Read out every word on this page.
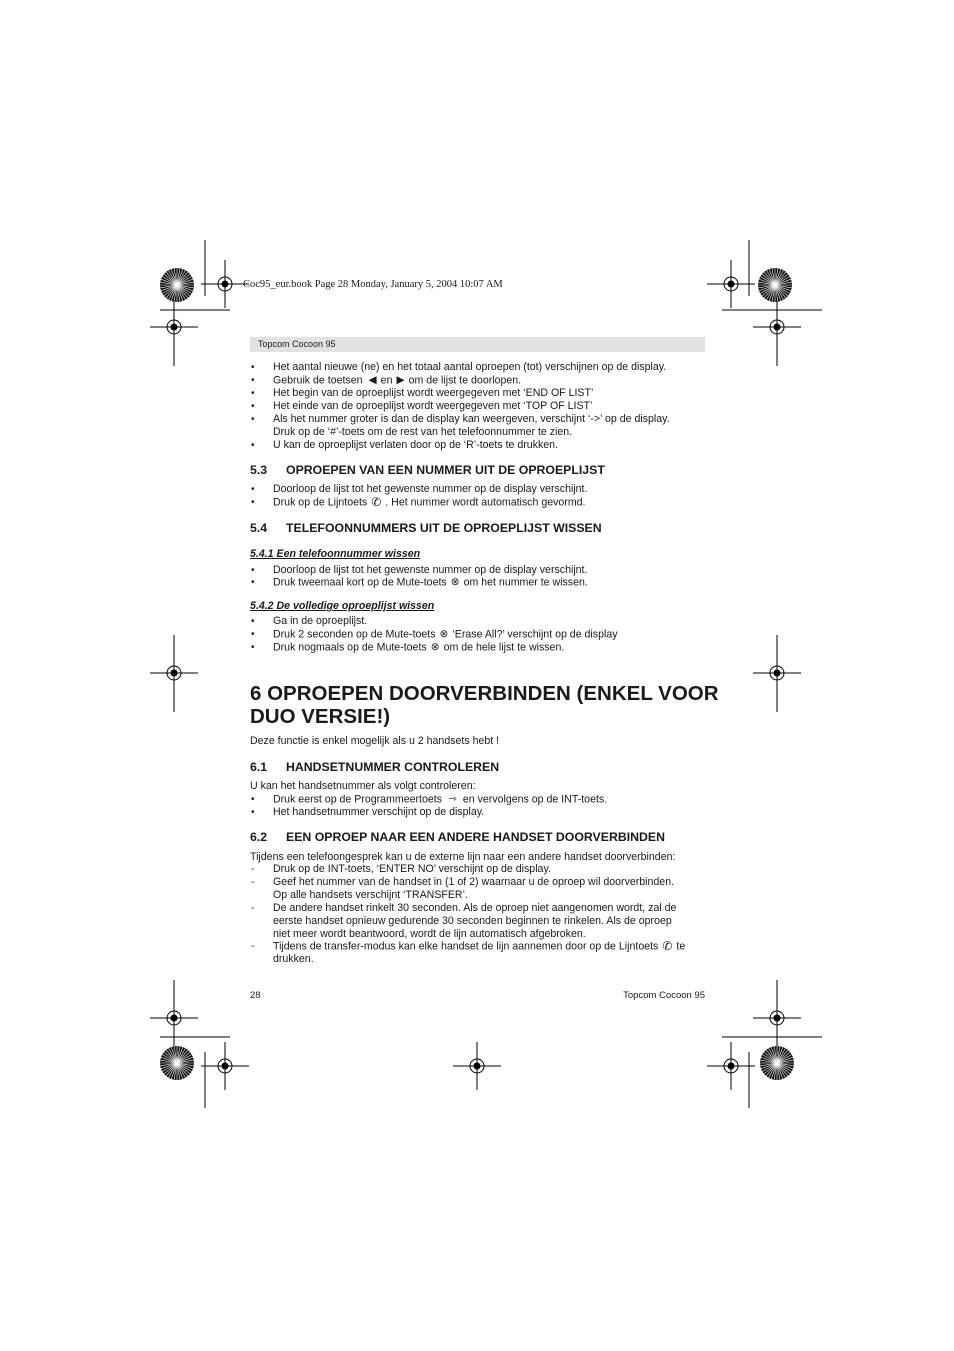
Coc95_eur.book Page 28 Monday, January 5, 2004 10:07 AM
Topcom Cocoon 95
• Het aantal nieuwe (ne) en het totaal aantal oproepen (tot) verschijnen op de display.
• Gebruik de toetsen ◀ en ▶ om de lijst te doorlopen.
• Het begin van de oproeplijst wordt weergegeven met ‘END OF LIST’
• Het einde van de oproeplijst wordt weergegeven met ‘TOP OF LIST’
• Als het nummer groter is dan de display kan weergeven, verschijnt ‘->’ op de display.
Druk op de ‘#’-toets om de rest van het telefoonnummer te zien.
• U kan de oproeplijst verlaten door op de ‘R’-toets te drukken.
5.3 OPROEPEN VAN EEN NUMMER UIT DE OPROEPLIJST
• Doorloop de lijst tot het gewenste nummer op de display verschijnt.
• Druk op de Lijntoets ✆ . Het nummer wordt automatisch gevormd.
5.4 TELEFOONNUMMERS UIT DE OPROEPLIJST WISSEN
5.4.1 Een telefoonnummer wissen
• Doorloop de lijst tot het gewenste nummer op de display verschijnt.
• Druk tweemaal kort op de Mute-toets ⊗ om het nummer te wissen.
5.4.2 De volledige oproeplijst wissen
• Ga in de oproeplijst.
• Druk 2 seconden op de Mute-toets ⊗ ‘Erase All?’ verschijnt op de display
• Druk nogmaals op de Mute-toets ⊗ om de hele lijst te wissen.
6 OPROEPEN DOORVERBINDEN (ENKEL VOOR
DUO VERSIE!)
Deze functie is enkel mogelijk als u 2 handsets hebt !
6.1 HANDSETNUMMER CONTROLEREN
U kan het handsetnummer als volgt controleren:
• Druk eerst op de Programmeertoets ⇾ en vervolgens op de INT-toets.
• Het handsetnummer verschijnt op de display.
6.2 EEN OPROEP NAAR EEN ANDERE HANDSET DOORVERBINDEN
Tijdens een telefoongesprek kan u de externe lijn naar een andere handset doorverbinden:
- Druk op de INT-toets, ‘ENTER NO’ verschijnt op de display.
- Geef het nummer van de handset in (1 of 2) waarnaar u de oproep wil doorverbinden.
Op alle handsets verschijnt ‘TRANSFER’.
- De andere handset rinkelt 30 seconden. Als de oproep niet aangenomen wordt, zal de
eerste handset opnieuw gedurende 30 seconden beginnen te rinkelen. Als de oproep
niet meer wordt beantwoord, wordt de lijn automatisch afgebroken.
- Tijdens de transfer-modus kan elke handset de lijn aannemen door op de Lijntoets ✆ te
drukken.
28	Topcom Cocoon 95
